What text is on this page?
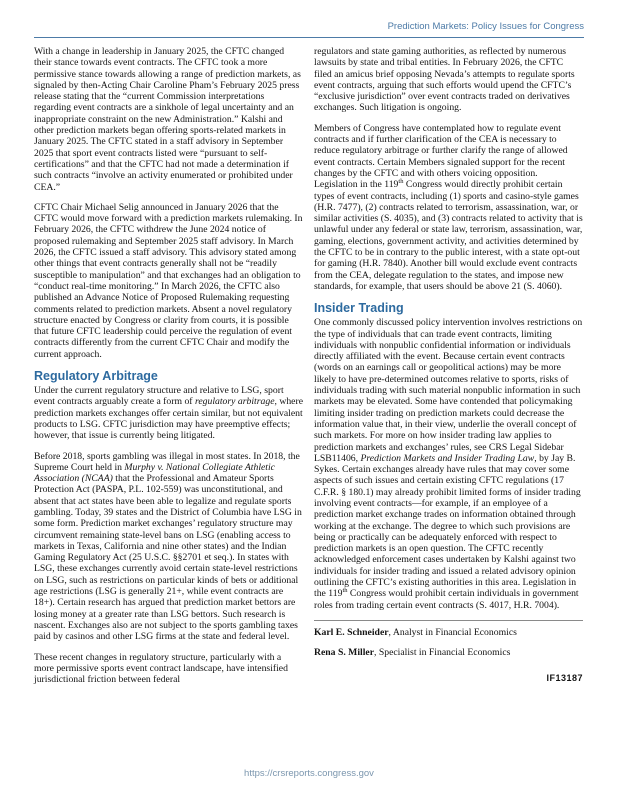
Prediction Markets: Policy Issues for Congress

With a change in leadership in January 2025, the CFTC changed their stance towards event contracts. The CFTC took a more permissive stance towards allowing a range of prediction markets, as signaled by then-Acting Chair Caroline Pham’s February 2025 press release stating that the “current Commission interpretations regarding event contracts are a sinkhole of legal uncertainty and an inappropriate constraint on the new Administration.” Kalshi and other prediction markets began offering sports-related markets in January 2025. The CFTC stated in a staff advisory in September 2025 that sport event contracts listed were “pursuant to self-certifications” and that the CFTC had not made a determination if such contracts “involve an activity enumerated or prohibited under CEA.”

CFTC Chair Michael Selig announced in January 2026 that the CFTC would move forward with a prediction markets rulemaking. In February 2026, the CFTC withdrew the June 2024 notice of proposed rulemaking and September 2025 staff advisory. In March 2026, the CFTC issued a staff advisory. This advisory stated among other things that event contracts generally shall not be “readily susceptible to manipulation” and that exchanges had an obligation to “conduct real-time monitoring.” In March 2026, the CFTC also published an Advance Notice of Proposed Rulemaking requesting comments related to prediction markets. Absent a novel regulatory structure enacted by Congress or clarity from courts, it is possible that future CFTC leadership could perceive the regulation of event contracts differently from the current CFTC Chair and modify the current approach.

Regulatory Arbitrage

Under the current regulatory structure and relative to LSG, sport event contracts arguably create a form of regulatory arbitrage, where prediction markets exchanges offer certain similar, but not equivalent products to LSG. CFTC jurisdiction may have preemptive effects; however, that issue is currently being litigated.

Before 2018, sports gambling was illegal in most states. In 2018, the Supreme Court held in Murphy v. National Collegiate Athletic Association (NCAA) that the Professional and Amateur Sports Protection Act (PASPA, P.L. 102-559) was unconstitutional, and absent that act states have been able to legalize and regulate sports gambling. Today, 39 states and the District of Columbia have LSG in some form. Prediction market exchanges’ regulatory structure may circumvent remaining state-level bans on LSG (enabling access to markets in Texas, California and nine other states) and the Indian Gaming Regulatory Act (25 U.S.C. §§2701 et seq.). In states with LSG, these exchanges currently avoid certain state-level restrictions on LSG, such as restrictions on particular kinds of bets or additional age restrictions (LSG is generally 21+, while event contracts are 18+). Certain research has argued that prediction market bettors are losing money at a greater rate than LSG bettors. Such research is nascent. Exchanges also are not subject to the sports gambling taxes paid by casinos and other LSG firms at the state and federal level.

These recent changes in regulatory structure, particularly with a more permissive sports event contract landscape, have intensified jurisdictional friction between federal

regulators and state gaming authorities, as reflected by numerous lawsuits by state and tribal entities. In February 2026, the CFTC filed an amicus brief opposing Nevada’s attempts to regulate sports event contracts, arguing that such efforts would upend the CFTC’s “exclusive jurisdiction” over event contracts traded on derivatives exchanges. Such litigation is ongoing.

Members of Congress have contemplated how to regulate event contracts and if further clarification of the CEA is necessary to reduce regulatory arbitrage or further clarify the range of allowed event contracts. Certain Members signaled support for the recent changes by the CFTC and with others voicing opposition. Legislation in the 119th Congress would directly prohibit certain types of event contracts, including (1) sports and casino-style games (H.R. 7477), (2) contracts related to terrorism, assassination, war, or similar activities (S. 4035), and (3) contracts related to activity that is unlawful under any federal or state law, terrorism, assassination, war, gaming, elections, government activity, and activities determined by the CFTC to be in contrary to the public interest, with a state opt-out for gaming (H.R. 7840). Another bill would exclude event contracts from the CEA, delegate regulation to the states, and impose new standards, for example, that users should be above 21 (S. 4060).

Insider Trading

One commonly discussed policy intervention involves restrictions on the type of individuals that can trade event contracts, limiting individuals with nonpublic confidential information or individuals directly affiliated with the event. Because certain event contracts (words on an earnings call or geopolitical actions) may be more likely to have pre-determined outcomes relative to sports, risks of individuals trading with such material nonpublic information in such markets may be elevated. Some have contended that policymaking limiting insider trading on prediction markets could decrease the information value that, in their view, underlie the overall concept of such markets. For more on how insider trading law applies to prediction markets and exchanges’ rules, see CRS Legal Sidebar LSB11406, Prediction Markets and Insider Trading Law, by Jay B. Sykes. Certain exchanges already have rules that may cover some aspects of such issues and certain existing CFTC regulations (17 C.F.R. § 180.1) may already prohibit limited forms of insider trading involving event contracts—for example, if an employee of a prediction market exchange trades on information obtained through working at the exchange. The degree to which such provisions are being or practically can be adequately enforced with respect to prediction markets is an open question. The CFTC recently acknowledged enforcement cases undertaken by Kalshi against two individuals for insider trading and issued a related advisory opinion outlining the CFTC’s existing authorities in this area. Legislation in the 119th Congress would prohibit certain individuals in government roles from trading certain event contracts (S. 4017, H.R. 7004).

Karl E. Schneider, Analyst in Financial Economics

Rena S. Miller, Specialist in Financial Economics

IF13187
https://crsreports.congress.gov
